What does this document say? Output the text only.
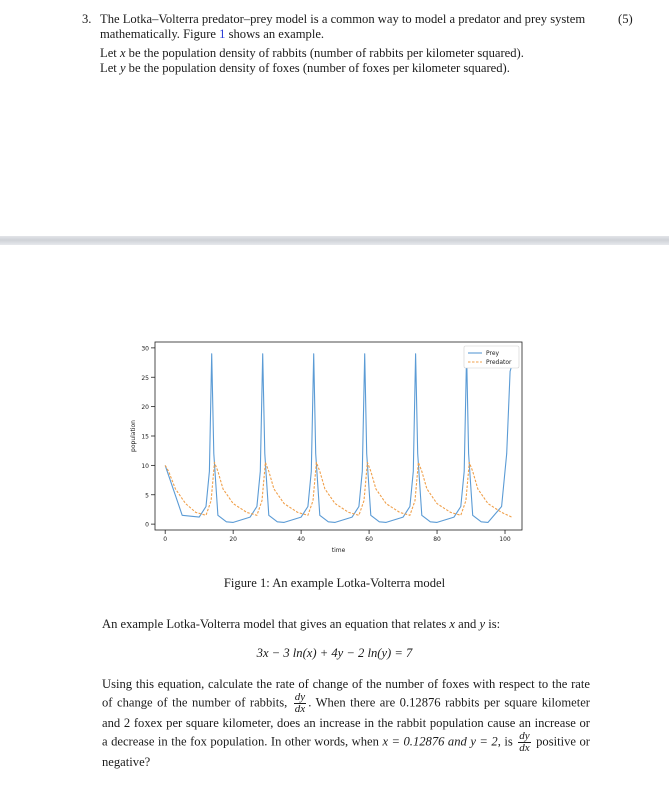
3. The Lotka–Volterra predator–prey model is a common way to model a predator and prey system mathematically. Figure 1 shows an example.

Let x be the population density of rabbits (number of rabbits per kilometer squared).

Let y be the population density of foxes (number of foxes per kilometer squared).

(5)
0
5
10
15
20
25
30
0	20	40	60	80	100
time
population
Prey
Predator
Figure 1: An example Lotka-Volterra model
An example Lotka-Volterra model that gives an equation that relates x and y is:
3x − 3 ln(x) + 4y − 2 ln(y) = 7
Using this equation, calculate the rate of change of the number of foxes with respect to the rate of change of the number of rabbits, $\frac{dy}{dx}$ . When there are 0.12876 rabbits per square kilometer and 2 foxex per square kilometer, does an increase in the rabbit population cause an increase or a decrease in the fox population. In other words, when x = 0.12876 and y = 2, is $\frac{dy}{dx}$ positive or negative?
